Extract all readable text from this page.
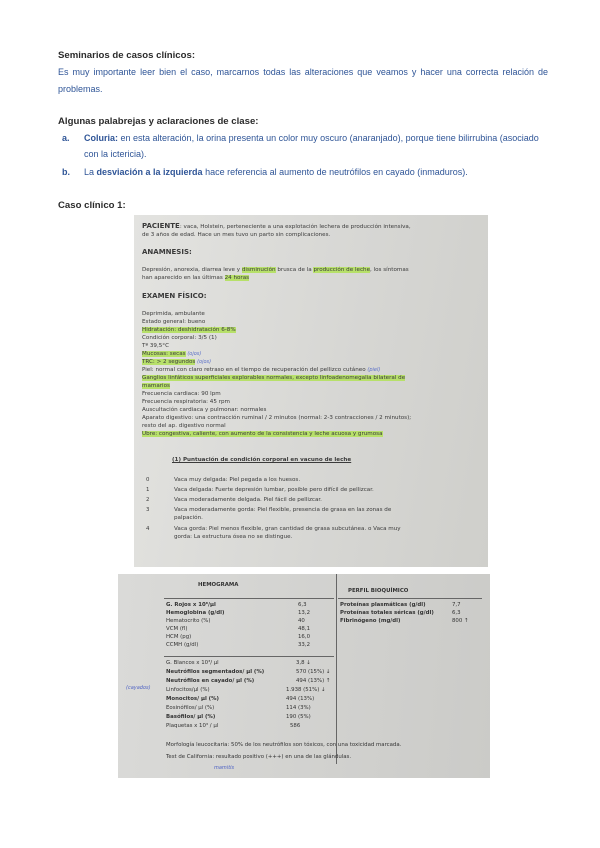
Seminarios de casos clínicos:
Es muy importante leer bien el caso, marcarnos todas las alteraciones que veamos y hacer una correcta relación de problemas.
Algunas palabrejas y aclaraciones de clase:
a. Coluria: en esta alteración, la orina presenta un color muy oscuro (anaranjado), porque tiene bilirrubina (asociado con la ictericia).
b. La desviación a la izquierda hace referencia al aumento de neutrófilos en cayado (inmaduros).
Caso clínico 1:
PACIENTE: vaca, Holstein, perteneciente a una explotación lechera de producción intensiva,
de 3 años de edad. Hace un mes tuvo un parto sin complicaciones.
ANAMNESIS:
Depresión, anorexia, diarrea leve y disminución brusca de la producción de leche, los síntomas
han aparecido en las últimas 24 horas
EXAMEN FÍSICO:
Deprimida, ambulante
Estado general: bueno
Hidratación: deshidratación 6-8%
Condición corporal: 3/5 (1)
Tª 39,5°C
Mucosas: secas (ojos)
TRC: > 2 segundos (ojos)
Piel: normal con claro retraso en el tiempo de recuperación del pellizco cutáneo (piel)
Ganglios linfáticos superficiales explorables normales, excepto linfoadenomegalia bilateral de
mamarios
Frecuencia cardiaca: 90 lpm
Frecuencia respiratoria: 45 rpm
Auscultación cardiaca y pulmonar: normales
Aparato digestivo: una contracción ruminal / 2 minutos (normal: 2-3 contracciones / 2 minutos);
resto del ap. digestivo normal
Ubre: congestiva, caliente, con aumento de la consistencia y leche acuosa y grumosa
(1) Puntuación de condición corporal en vacuno de leche
0	Vaca muy delgada: Piel pegada a los huesos.
1	Vaca delgada: Fuerte depresión lumbar, posible pero difícil de pellizcar.
2	Vaca moderadamente delgada. Piel fácil de pellizcar.
3	Vaca moderadamente gorda: Piel flexible, presencia de grasa en las zonas de
palpación.
4	Vaca gorda: Piel menos flexible, gran cantidad de grasa subcutánea. o Vaca muy
gorda: La estructura ósea no se distingue.
HEMOGRAMA
PERFIL BIOQUÍMICO
G. Rojos x 10⁶/µl	6,3
Hemoglobina (g/dl)	13,2
Hematocrito (%)	40
VCM (fl)	48,1
HCM (pg)	16,0
CCMH (g/dl)	33,2
Proteínas plasmáticas (g/dl)	7,7
Proteínas totales séricas (g/dl)	6,3
Fibrinógeno (mg/dl)	800 ↑
G. Blancos x 10³/ µl	3,8 ↓
Neutrófilos segmentados/ µl (%)	570 (15%) ↓
Neutrófilos en cayado/ µl (%)	494 (13%) ↑
Linfocitos/µl (%)	1.938 (51%) ↓
Monocitos/ µl (%)	494 (13%)
Eosinófilos/ µl (%)	114 (3%)
Basófilos/ µl (%)	190 (5%)
Plaquetas x 10³ / µl	586
(cayados)
Morfología leucocitaria: 50% de los neutrófilos son tóxicos, con una toxicidad marcada.
Test de California: resultado positivo (+++) en una de las glándulas.
mamitis
